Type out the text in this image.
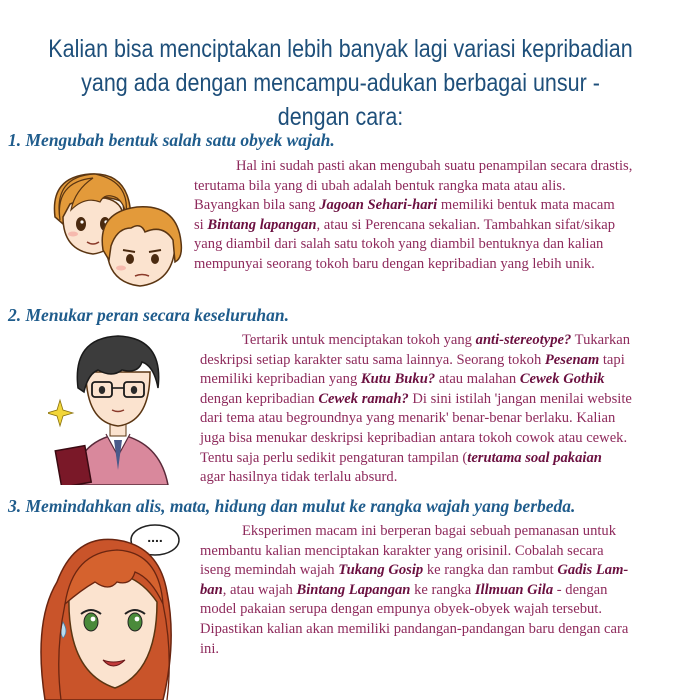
Kalian bisa menciptakan lebih banyak lagi variasi kepribadian
yang ada dengan mencampu-adukan berbagai unsur - dengan cara:
1. Mengubah bentuk salah satu obyek wajah.
Hal ini sudah pasti akan mengubah suatu penampilan secara drastis,
terutama bila yang di ubah adalah bentuk rangka mata atau alis.
Bayangkan bila sang Jagoan Sehari-hari memiliki bentuk mata macam
si Bintang lapangan, atau si Perencana sekalian. Tambahkan sifat/sikap
yang diambil dari salah satu tokoh yang diambil bentuknya dan kalian
mempunyai seorang tokoh baru dengan kepribadian yang lebih unik.
2. Menukar peran secara keseluruhan.
Tertarik untuk menciptakan tokoh yang anti-stereotype? Tukarkan
deskripsi setiap karakter satu sama lainnya. Seorang tokoh Pesenam tapi
memiliki kepribadian yang Kutu Buku? atau malahan Cewek Gothik
dengan kepribadian Cewek ramah? Di sini istilah 'jangan menilai website
dari tema atau begroundnya yang menarik' benar-benar berlaku. Kalian
juga bisa menukar deskripsi kepribadian antara tokoh cowok atau cewek.
Tentu saja perlu sedikit pengaturan tampilan (terutama soal pakaian
agar hasilnya tidak terlalu absurd.
3. Memindahkan alis, mata, hidung dan mulut ke rangka wajah yang berbeda.
Eksperimen macam ini berperan bagai sebuah pemanasan untuk
membantu kalian menciptakan karakter yang orisinil. Cobalah secara
iseng memindah wajah Tukang Gosip ke rangka dan rambut Gadis Lam-
ban, atau wajah Bintang Lapangan ke rangka Illmuan Gila - dengan
model pakaian serupa dengan empunya obyek-obyek wajah tersebut.
Dipastikan kalian akan memiliki pandangan-pandangan baru dengan cara
ini.
....
